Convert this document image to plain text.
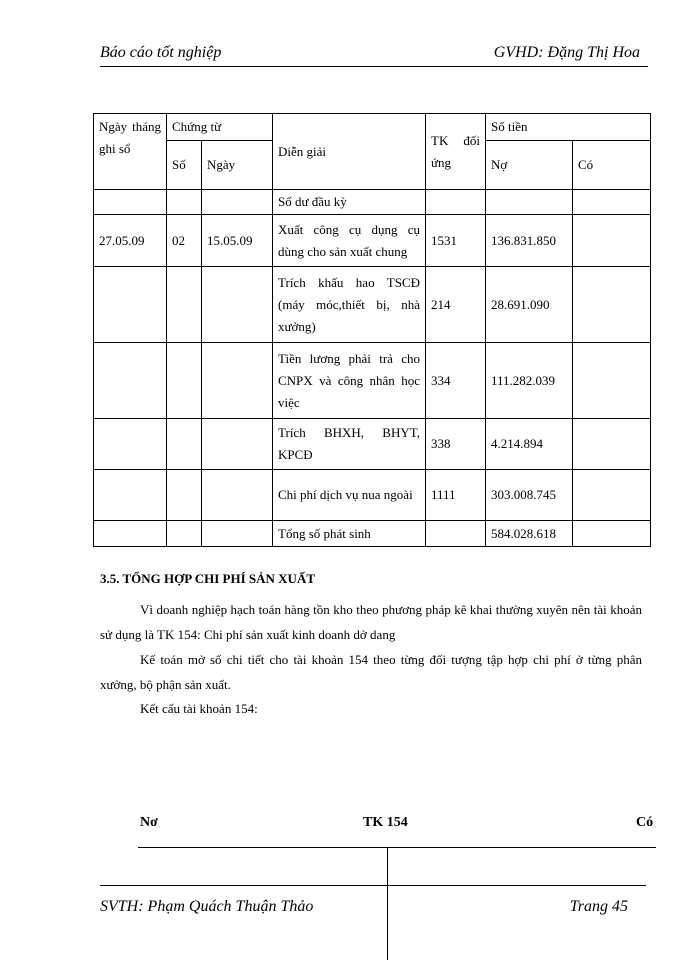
Báo cáo tốt nghiệp	GVHD: Đặng Thị Hoa
Ngày tháng ghi sổ	Chứng từ		Diễn giải	TK đối ứng	Số tiền	
	Số	Ngày			Nợ	Có
			Số dư đầu kỳ			
27.05.09	02	15.05.09	Xuất công cụ dụng cụ dùng cho sản xuất chung	1531	136.831.850	
			Trích khấu hao TSCĐ (máy móc,thiết bị, nhà xưởng)	214	28.691.090	
			Tiền lương phải trả cho CNPX và công nhân học việc	334	111.282.039	
			Trích BHXH, BHYT, KPCĐ	338	4.214.894	
			Chi phí dịch vụ nua ngoài	1111	303.008.745	
			Tổng số phát sinh		584.028.618	
3.5. TỔNG HỢP CHI PHÍ SẢN XUẤT
Vì doanh nghiệp hạch toán hàng tồn kho theo phương pháp kê khai thường xuyên nên tài khoản sử dụng là TK 154: Chi phí sản xuất kinh doanh dở dang
Kế toán mở sổ chi tiết cho tài khoản 154 theo từng đối tượng tập hợp chi phí ở từng phân xưởng, bộ phận sản xuất.
Kết cấu tài khoản 154:
Nơ	TK 154	Có
SVTH: Phạm Quách Thuận Thảo	Trang 45
